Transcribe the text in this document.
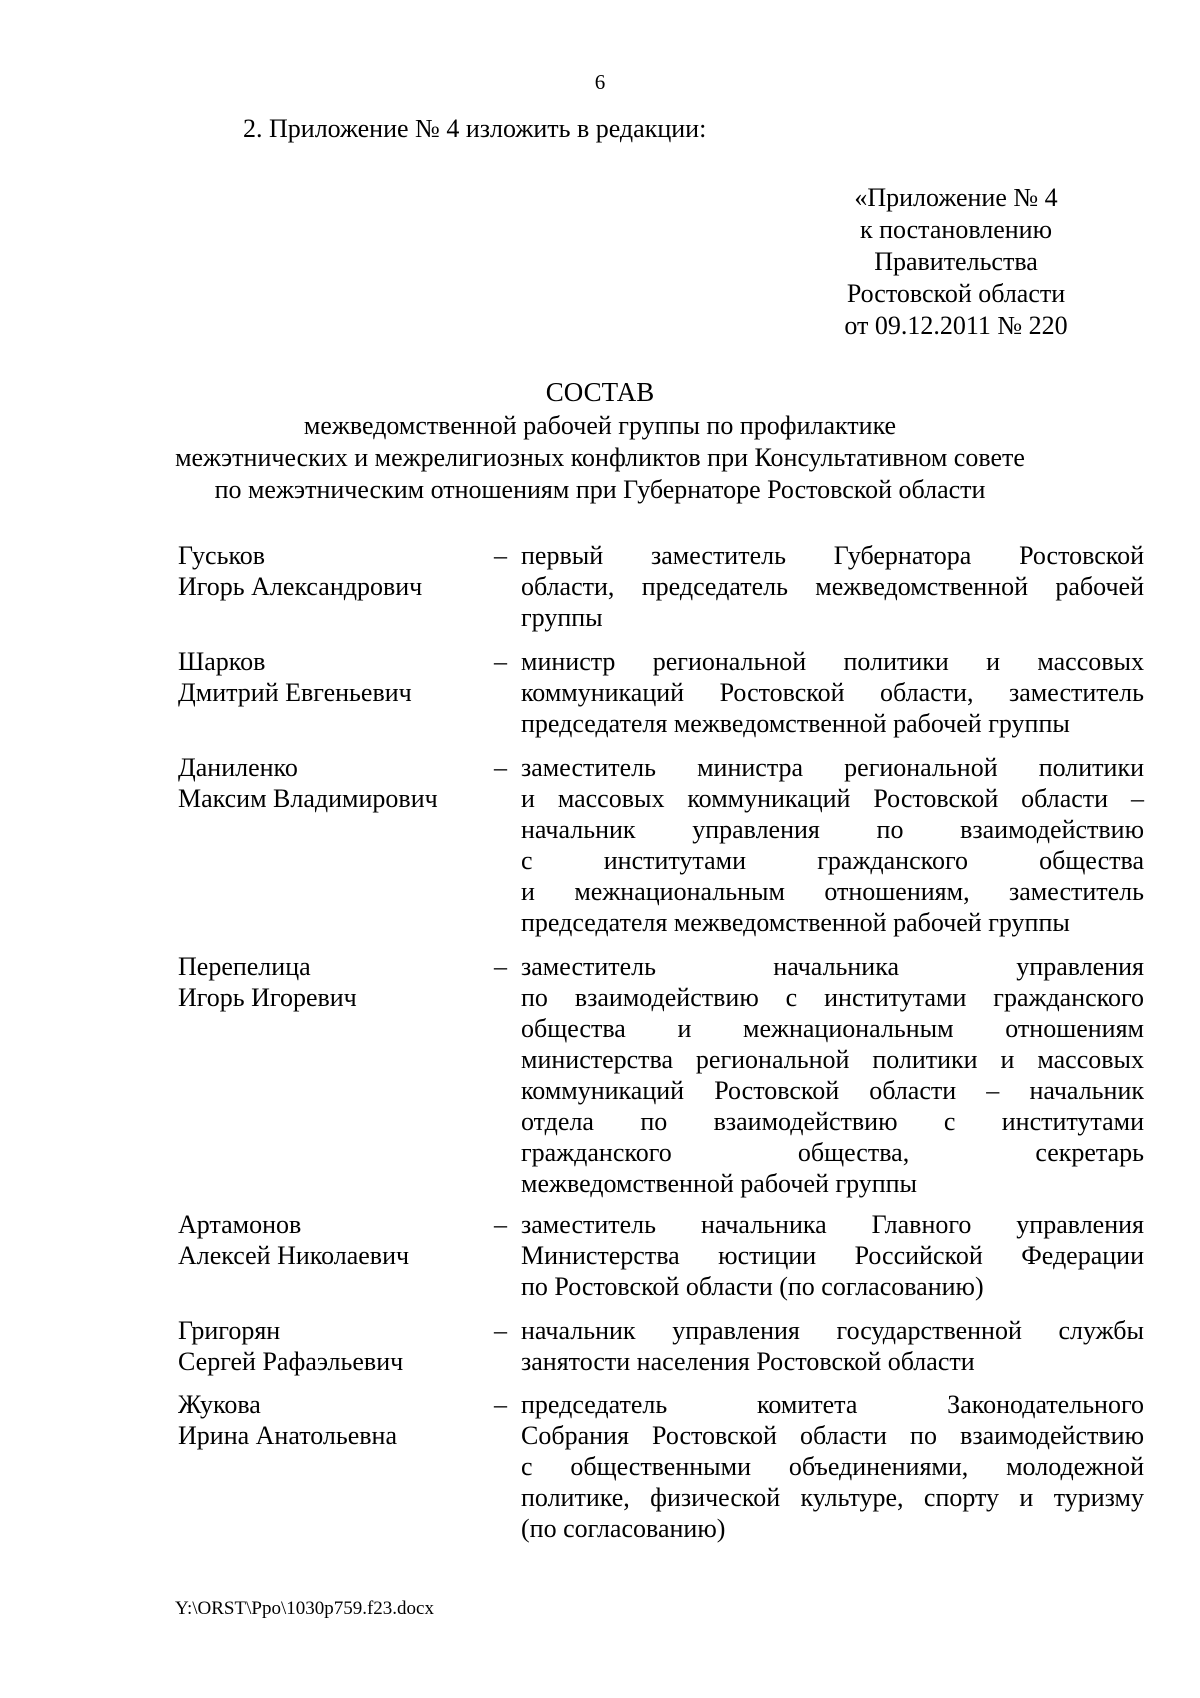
6
2. Приложение № 4 изложить в редакции:
«Приложение № 4
к постановлению
Правительства
Ростовской области
от 09.12.2011 № 220
СОСТАВ
межведомственной рабочей группы по профилактике
межэтнических и межрелигиозных конфликтов при Консультативном совете
по межэтническим отношениям при Губернаторе Ростовской области
Гуськов
Игорь Александрович
– первый заместитель Губернатора Ростовской
области, председатель межведомственной рабочей
группы
Шарков
Дмитрий Евгеньевич
– министр региональной политики и массовых
коммуникаций Ростовской области, заместитель
председателя межведомственной рабочей группы
Даниленко
Максим Владимирович
– заместитель министра региональной политики
и массовых коммуникаций Ростовской области –
начальник управления по взаимодействию
с институтами гражданского общества
и межнациональным отношениям, заместитель
председателя межведомственной рабочей группы
Перепелица
Игорь Игоревич
– заместитель начальника управления
по взаимодействию с институтами гражданского
общества и межнациональным отношениям
министерства региональной политики и массовых
коммуникаций Ростовской области – начальник
отдела по взаимодействию с институтами
гражданского общества, секретарь
межведомственной рабочей группы
Артамонов
Алексей Николаевич
– заместитель начальника Главного управления
Министерства юстиции Российской Федерации
по Ростовской области (по согласованию)
Григорян
Сергей Рафаэльевич
– начальник управления государственной службы
занятости населения Ростовской области
Жукова
Ирина Анатольевна
– председатель комитета Законодательного
Собрания Ростовской области по взаимодействию
с общественными объединениями, молодежной
политике, физической культуре, спорту и туризму
(по согласованию)
Y:\ORST\Ppo\1030p759.f23.docx
